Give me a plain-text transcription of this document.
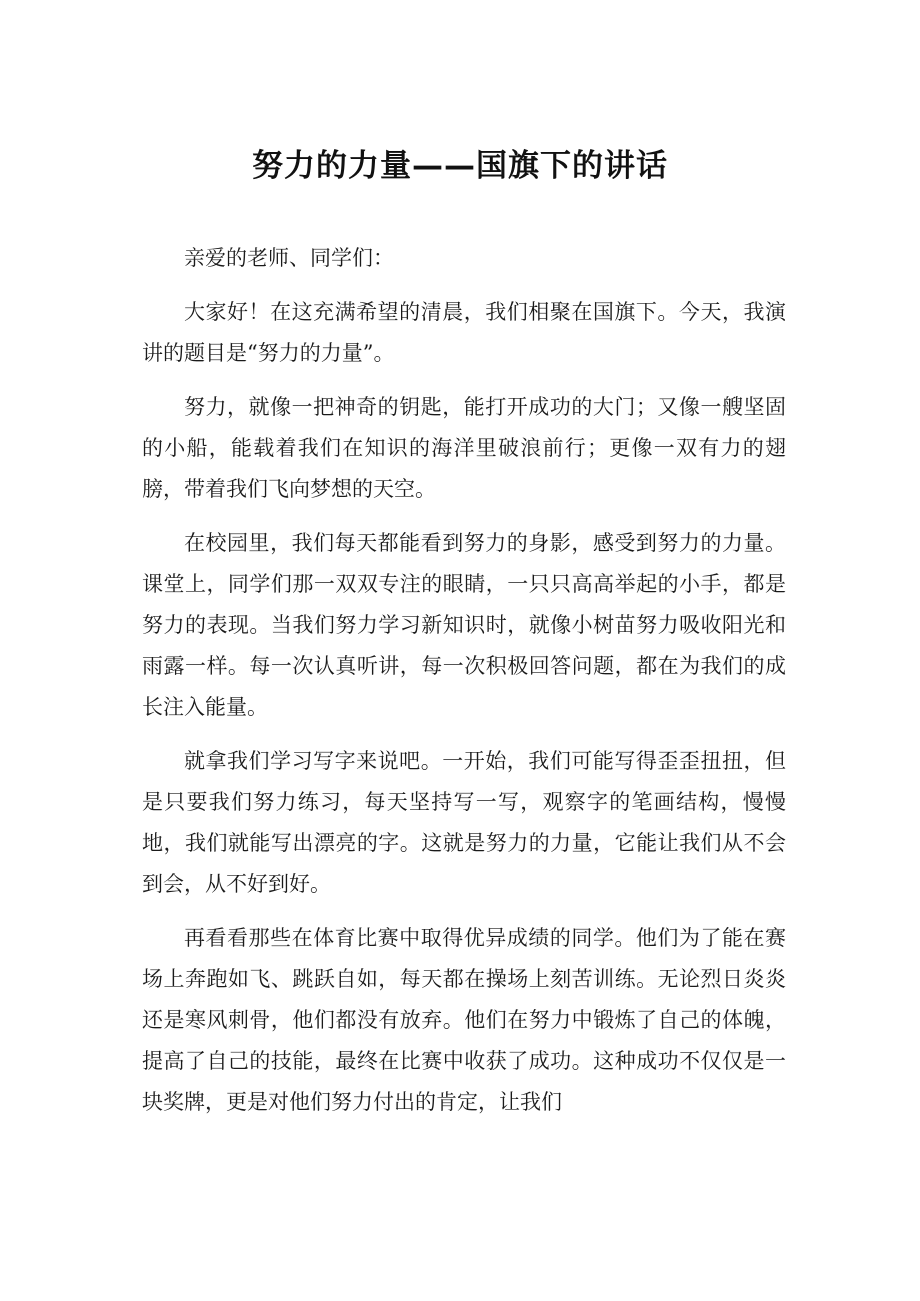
努力的力量——国旗下的讲话

亲爱的老师、同学们：

大家好！在这充满希望的清晨，我们相聚在国旗下。今天，我演讲的题目是“努力的力量”。

努力，就像一把神奇的钥匙，能打开成功的大门；又像一艘坚固的小船，能载着我们在知识的海洋里破浪前行；更像一双有力的翅膀，带着我们飞向梦想的天空。

在校园里，我们每天都能看到努力的身影，感受到努力的力量。课堂上，同学们那一双双专注的眼睛，一只只高高举起的小手，都是努力的表现。当我们努力学习新知识时，就像小树苗努力吸收阳光和雨露一样。每一次认真听讲，每一次积极回答问题，都在为我们的成长注入能量。

就拿我们学习写字来说吧。一开始，我们可能写得歪歪扭扭，但是只要我们努力练习，每天坚持写一写，观察字的笔画结构，慢慢地，我们就能写出漂亮的字。这就是努力的力量，它能让我们从不会到会，从不好到好。

再看看那些在体育比赛中取得优异成绩的同学。他们为了能在赛场上奔跑如飞、跳跃自如，每天都在操场上刻苦训练。无论烈日炎炎还是寒风刺骨，他们都没有放弃。他们在努力中锻炼了自己的体魄，提高了自己的技能，最终在比赛中收获了成功。这种成功不仅仅是一块奖牌，更是对他们努力付出的肯定，让我们
